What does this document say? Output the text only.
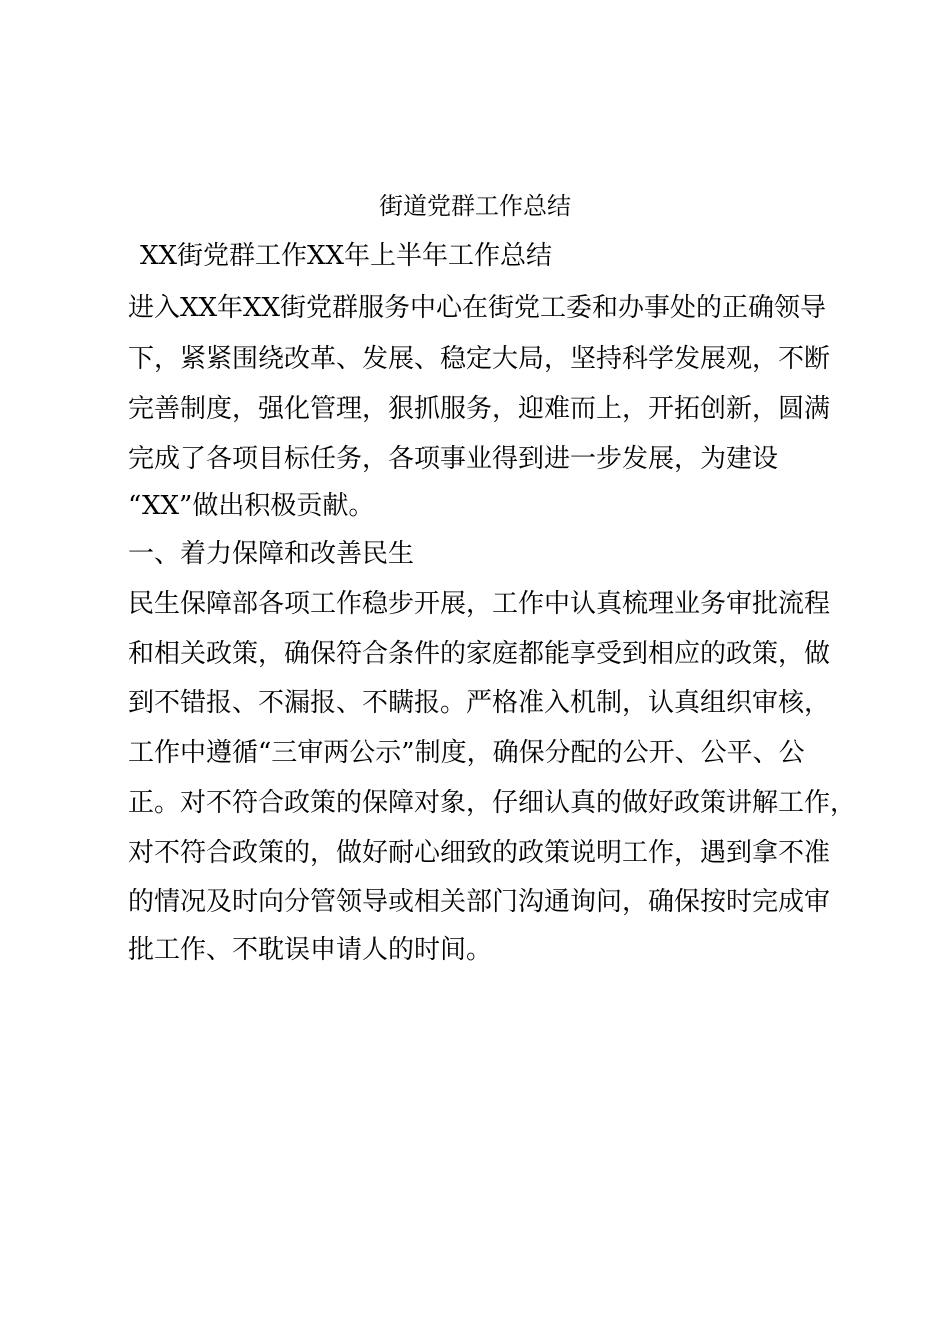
街道党群工作总结
XX街党群工作XX年上半年工作总结
进入XX年XX街党群服务中心在街党工委和办事处的正确领导
下，紧紧围绕改革、发展、稳定大局，坚持科学发展观，不断
完善制度，强化管理，狠抓服务，迎难而上，开拓创新，圆满
完成了各项目标任务，各项事业得到进一步发展，为建设
“XX”做出积极贡献。
一、着力保障和改善民生
民生保障部各项工作稳步开展，工作中认真梳理业务审批流程
和相关政策，确保符合条件的家庭都能享受到相应的政策，做
到不错报、不漏报、不瞒报。严格准入机制，认真组织审核，
工作中遵循“三审两公示”制度，确保分配的公开、公平、公
正。对不符合政策的保障对象，仔细认真的做好政策讲解工作，
对不符合政策的，做好耐心细致的政策说明工作，遇到拿不准
的情况及时向分管领导或相关部门沟通询问，确保按时完成审
批工作、不耽误申请人的时间。
